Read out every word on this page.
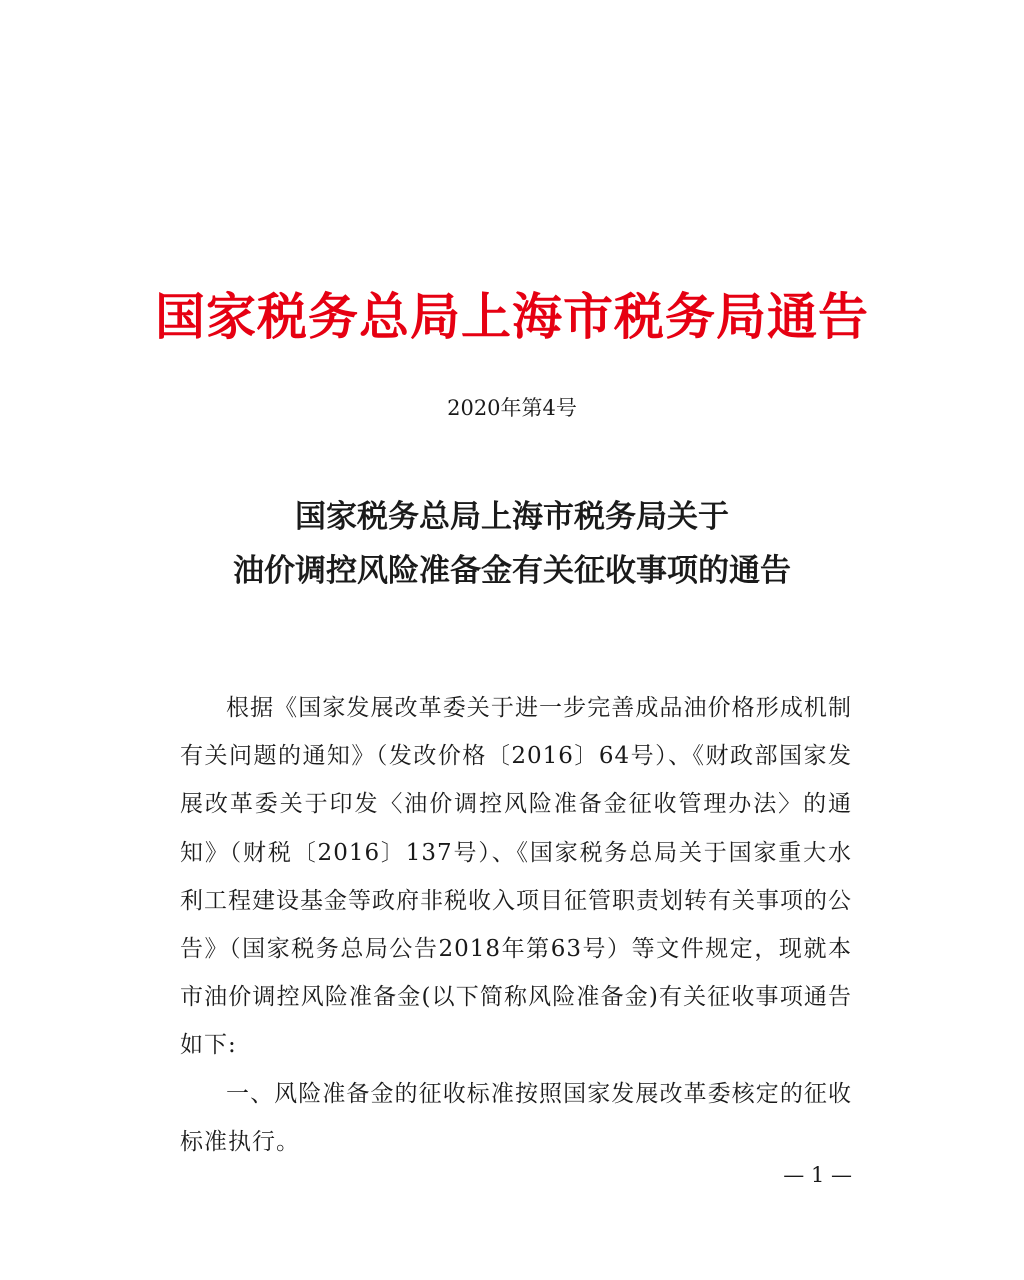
国家税务总局上海市税务局通告
2020年第4号
国家税务总局上海市税务局关于
油价调控风险准备金有关征收事项的通告

根据《国家发展改革委关于进一步完善成品油价格形成机制有关问题的通知》（发改价格〔2016〕64号）、《财政部国家发展改革委关于印发〈油价调控风险准备金征收管理办法〉的通知》（财税〔2016〕137号）、《国家税务总局关于国家重大水利工程建设基金等政府非税收入项目征管职责划转有关事项的公告》（国家税务总局公告2018年第63号）等文件规定，现就本市油价调控风险准备金(以下简称风险准备金)有关征收事项通告如下:

一、风险准备金的征收标准按照国家发展改革委核定的征收标准执行。

— 1 —
